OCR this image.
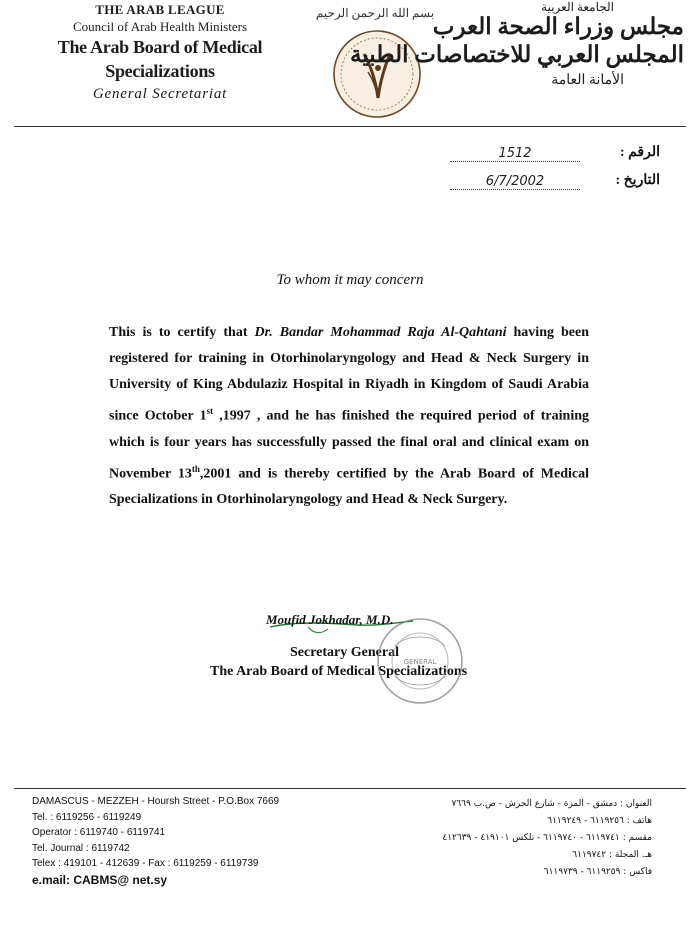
THE ARAB LEAGUE
Council of Arab Health Ministers
The Arab Board of Medical Specializations
General Secretariat
بسم الله الرحمن الرحيم	الجامعة العربية
مجلس وزراء الصحة العرب
المجلس العربي للاختصاصات الطبية
الأمانة العامة
الرقم :
1512
التاريخ :
6/7/2002
To whom it may concern
This is to certify that Dr. Bandar Mohammad Raja Al-Qahtani having been registered for training in Otorhinolaryngology and Head & Neck Surgery in University of King Abdulaziz Hospital in Riyadh in Kingdom of Saudi Arabia since October 1st ,1997 , and he has finished the required period of training which is four years has successfully passed the final oral and clinical exam on November 13th,2001 and is thereby certified by the Arab Board of Medical Specializations in Otorhinolaryngology and Head & Neck Surgery.
Moufid Jokhadar, M.D.
Secretary General
The Arab Board of Medical Specializations
GENERAL
DAMASCUS - MEZZEH - Hoursh Street - P.O.Box 7669
Tel. : 6119256 - 6119249
Operator : 6119740 - 6119741
Tel. Journal : 6119742
Telex : 419101 - 412639 - Fax : 6119259 - 6119739
e.mail: CABMS@ net.sy
العنوان : دمشق - المزة - شارع الحرش - ص.ب ٧٦٦٩
هاتف : ٦١١٩٢٥٦ - ٦١١٩٢٤٩
مقسم : ٦١١٩٧٤١ - ٦١١٩٧٤٠ - تلكس ٤١٩١٠١ - ٤١٢٦٣٩
هـ. المجلة : ٦١١٩٧٤٢
فاكس : ٦١١٩٢٥٩ - ٦١١٩٧٣٩
